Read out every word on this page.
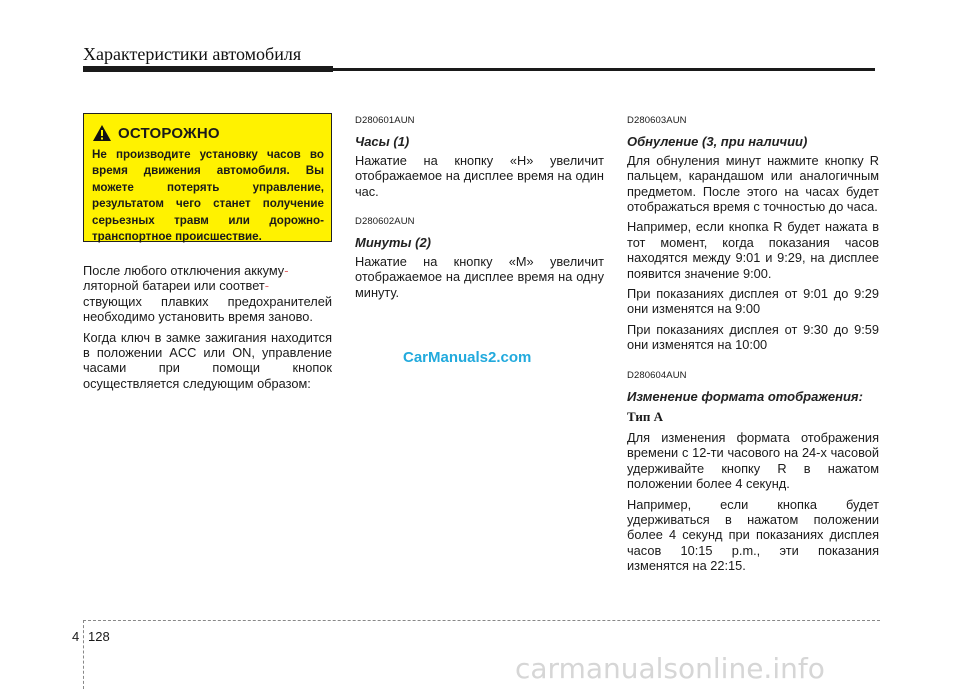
Характеристики автомобиля
ОСТОРОЖНО
Не производите установку часов во время движения автомобиля. Вы можете потерять управление, результатом чего станет получение серьезных травм или дорожно-транспортное происшествие.

После любого отключения аккуму-
ляторной батареи или соответ-
ствующих плавких предохранителей необходимо установить время заново.

Когда ключ в замке зажигания находится в положении ACC или ON, управление часами при помощи кнопок осуществляется следующим образом:

D280601AUN
Часы (1)

Нажатие на кнопку «H» увеличит отображаемое на дисплее время на один час.

D280602AUN
Минуты (2)

Нажатие на кнопку «M» увеличит отображаемое на дисплее время на одну минуту.

D280603AUN
Обнуление (3, при наличии)

Для обнуления минут нажмите кнопку R пальцем, карандашом или аналогичным предметом. После этого на часах будет отображаться время с точностью до часа.

Например, если кнопка R будет нажата в тот момент, когда показания часов находятся между 9:01 и 9:29, на дисплее появится значение 9:00.

При показаниях дисплея от 9:01 до 9:29 они изменятся на 9:00

При показаниях дисплея от 9:30 до 9:59 они изменятся на 10:00

D280604AUN
Изменение формата отображения:
Тип A

Для изменения формата отображения времени с 12-ти часового на 24-х часовой удерживайте кнопку R в нажатом положении более 4 секунд.

Например, если кнопка будет удерживаться в нажатом положении более 4 секунд при показаниях дисплея часов 10:15 p.m., эти показания изменятся на 22:15.

CarManuals2.com
4 128
carmanualsonline.info
